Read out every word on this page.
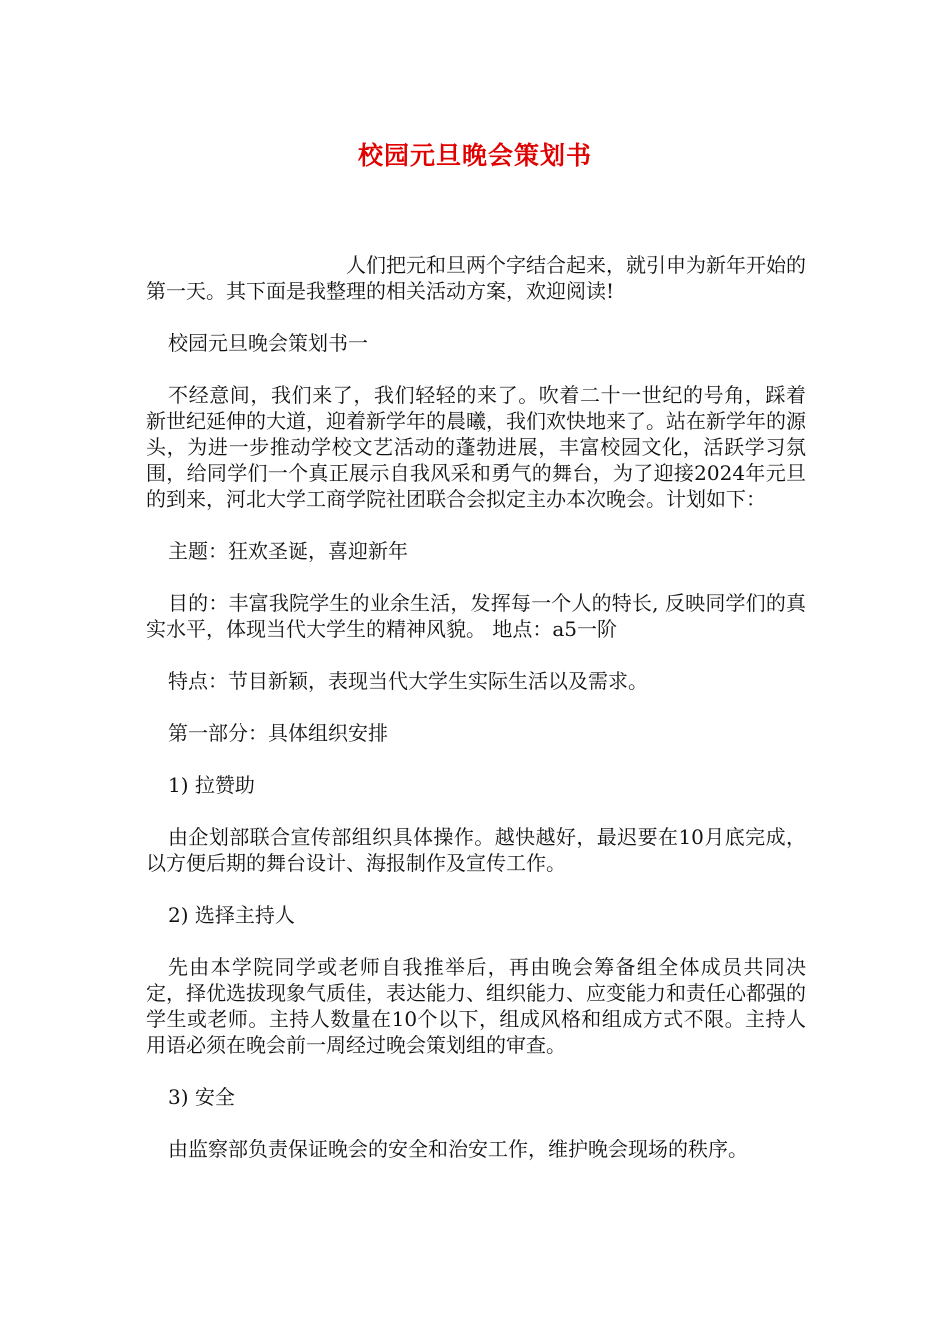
校园元旦晚会策划书

人们把元和旦两个字结合起来，就引申为新年开始的第一天。其下面是我整理的相关活动方案，欢迎阅读!

校园元旦晚会策划书一

不经意间，我们来了，我们轻轻的来了。吹着二十一世纪的号角，踩着新世纪延伸的大道，迎着新学年的晨曦，我们欢快地来了。站在新学年的源头，为进一步推动学校文艺活动的蓬勃进展，丰富校园文化，活跃学习氛围，给同学们一个真正展示自我风采和勇气的舞台，为了迎接2024年元旦的到来，河北大学工商学院社团联合会拟定主办本次晚会。计划如下：

主题：狂欢圣诞，喜迎新年

目的：丰富我院学生的业余生活，发挥每一个人的特长, 反映同学们的真实水平，体现当代大学生的精神风貌。 地点：a5一阶

特点：节目新颖，表现当代大学生实际生活以及需求。

第一部分：具体组织安排

1) 拉赞助

由企划部联合宣传部组织具体操作。越快越好，最迟要在10月底完成，以方便后期的舞台设计、海报制作及宣传工作。

2) 选择主持人

先由本学院同学或老师自我推举后，再由晚会筹备组全体成员共同决定，择优选拔现象气质佳，表达能力、组织能力、应变能力和责任心都强的学生或老师。主持人数量在10个以下，组成风格和组成方式不限。主持人用语必须在晚会前一周经过晚会策划组的审查。

3) 安全

由监察部负责保证晚会的安全和治安工作，维护晚会现场的秩序。
